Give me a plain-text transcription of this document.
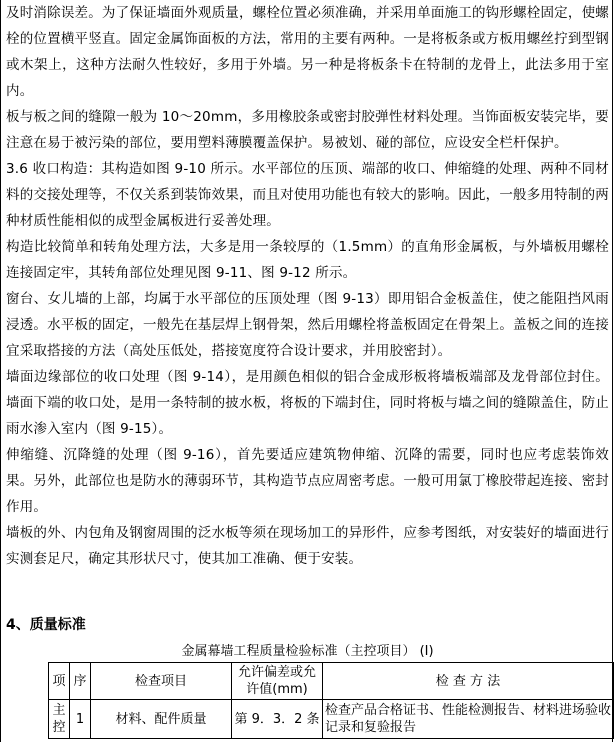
及时消除误差。为了保证墙面外观质量，螺栓位置必须准确，并采用单面施工的钩形螺栓固定，使螺栓的位置横平竖直。固定金属饰面板的方法，常用的主要有两种。一是将板条或方板用螺丝拧到型钢或木架上，这种方法耐久性较好，多用于外墙。另一种是将板条卡在特制的龙骨上，此法多用于室内。
板与板之间的缝隙一般为 10～20mm，多用橡胶条或密封胶弹性材料处理。当饰面板安装完毕，要注意在易于被污染的部位，要用塑料薄膜覆盖保护。易被划、碰的部位，应设安全栏杆保护。
3.6 收口构造：其构造如图 9-10 所示。水平部位的压顶、端部的收口、伸缩缝的处理、两种不同材料的交接处理等，不仅关系到装饰效果，而且对使用功能也有较大的影响。因此，一般多用特制的两种材质性能相似的成型金属板进行妥善处理。
构造比较简单和转角处理方法，大多是用一条较厚的（1.5mm）的直角形金属板，与外墙板用螺栓连接固定牢，其转角部位处理见图 9-11、图 9-12 所示。
窗台、女儿墙的上部，均属于水平部位的压顶处理（图 9-13）即用铝合金板盖住，使之能阻挡风雨浸透。水平板的固定，一般先在基层焊上钢骨架，然后用螺栓将盖板固定在骨架上。盖板之间的连接宜采取搭接的方法（高处压低处，搭接宽度符合设计要求，并用胶密封）。
墙面边缘部位的收口处理（图 9-14），是用颜色相似的铝合金成形板将墙板端部及龙骨部位封住。墙面下端的收口处，是用一条特制的披水板，将板的下端封住，同时将板与墙之间的缝隙盖住，防止雨水渗入室内（图 9-15）。
伸缩缝、沉降缝的处理（图 9-16），首先要适应建筑物伸缩、沉降的需要，同时也应考虑装饰效果。另外，此部位也是防水的薄弱环节，其构造节点应周密考虑。一般可用氯丁橡胶带起连接、密封作用。
墙板的外、内包角及钢窗周围的泛水板等须在现场加工的异形件，应参考图纸，对安装好的墙面进行实测套足尺，确定其形状尺寸，使其加工准确、便于安装。
4、质量标准
金属幕墙工程质量检验标准（主控项目） (Ⅰ)
项	序	检查项目	允许偏差或允许值(mm)	检 查 方 法
主控	1	材料、配件质量	第 9．3．2 条	检查产品合格证书、性能检测报告、材料进场验收记录和复验报告
